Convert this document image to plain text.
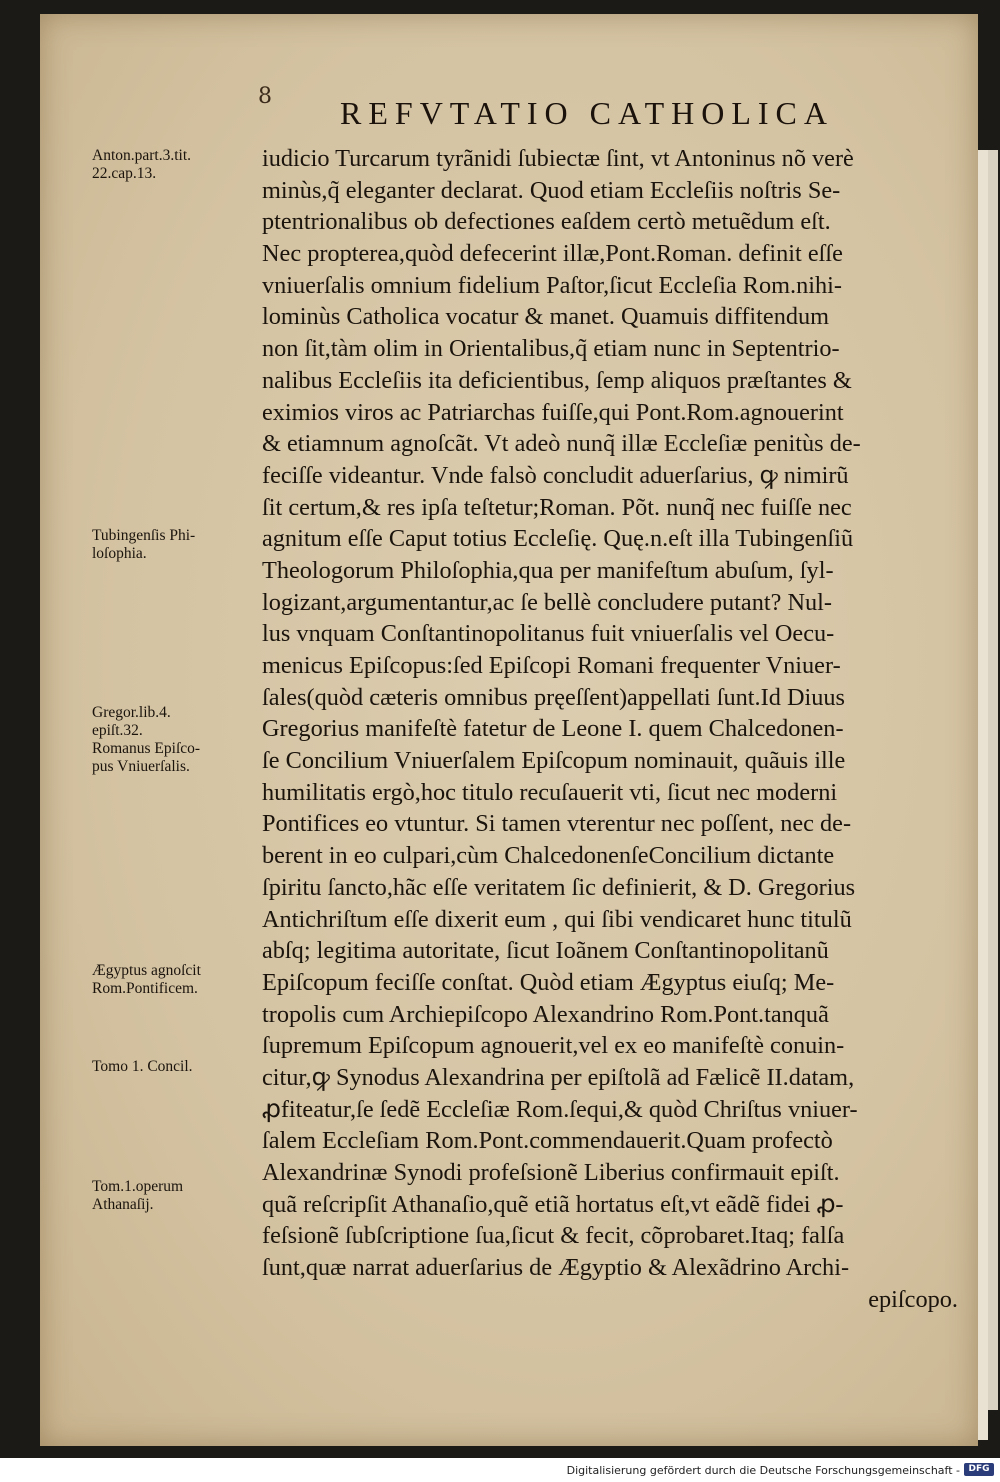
8 REFVTATIO CATHOLICA
iudicio Turcarum tyrãnidi ſubiectæ ſint, vt Antoninus nõ verè
minùs,q̃ eleganter declarat. Quod etiam Eccleſiis noſtris Se-
ptentrionalibus ob defectiones eaſdem certò metuẽdum eſt.
Nec propterea,quòd defecerint illæ,Pont.Roman. definit eſſe
vniuerſalis omnium fidelium Paſtor,ſicut Eccleſia Rom.nihi-
lominùs Catholica vocatur & manet. Quamuis diffitendum
non ſit,tàm olim in Orientalibus,q̃ etiam nunc in Septentrio-
nalibus Eccleſiis ita deficientibus, ſemp aliquos præſtantes &
eximios viros ac Patriarchas fuiſſe,qui Pont.Rom.agnouerint
& etiamnum agnoſcãt. Vt adeò nunq̃ illæ Eccleſiæ penitùs de-
feciſſe videantur. Vnde falsò concludit aduerſarius, ꝙ nimirũ
ſit certum,& res ipſa teſtetur;Roman. Põt. nunq̃ nec fuiſſe nec
agnitum eſſe Caput totius Eccleſię. Quę.n.eſt illa Tubingenſiũ
Theologorum Philoſophia,qua per manifeſtum abuſum, ſyl-
logizant,argumentantur,ac ſe bellè concludere putant? Nul-
lus vnquam Conſtantinopolitanus fuit vniuerſalis vel Oecu-
menicus Epiſcopus:ſed Epiſcopi Romani frequenter Vniuer-
ſales(quòd cæteris omnibus pręeſſent)appellati ſunt.Id Diuus
Gregorius manifeſtè fatetur de Leone I. quem Chalcedonen-
ſe Concilium Vniuerſalem Epiſcopum nominauit, quãuis ille
humilitatis ergò,hoc titulo recuſauerit vti, ſicut nec moderni
Pontifices eo vtuntur. Si tamen vterentur nec poſſent, nec de-
berent in eo culpari,cùm ChalcedonenſeConcilium dictante
ſpiritu ſancto,hãc eſſe veritatem ſic definierit, & D. Gregorius
Antichriſtum eſſe dixerit eum , qui ſibi vendicaret hunc titulũ
abſq; legitima autoritate, ſicut Ioãnem Conſtantinopolitanũ
Epiſcopum feciſſe conſtat. Quòd etiam Ægyptus eiuſq; Me-
tropolis cum Archiepiſcopo Alexandrino Rom.Pont.tanquã
ſupremum Epiſcopum agnouerit,vel ex eo manifeſtè conuin-
citur,ꝙ Synodus Alexandrina per epiſtolã ad Fælicẽ II.datam,
ꝓfiteatur,ſe ſedẽ Eccleſiæ Rom.ſequi,& quòd Chriſtus vniuer-
ſalem Eccleſiam Rom.Pont.commendauerit.Quam profectò
Alexandrinæ Synodi profeſsionẽ Liberius confirmauit epiſt.
quã reſcripſit Athanaſio,quẽ etiã hortatus eſt,vt eãdẽ fidei ꝓ-
feſsionẽ ſubſcriptione ſua,ſicut & fecit, cõprobaret.Itaq; falſa
ſunt,quæ narrat aduerſarius de Ægyptio & Alexãdrino Archi-
epiſcopo.
Anton.part.3.tit.
22.cap.13.
Tubingenſis Phi-
loſophia.
Gregor.lib.4.
epiſt.32.
Romanus Epiſco-
pus Vniuerſalis.
Ægyptus agnoſcit
Rom.Pontificem.
Tomo 1. Concil.
Tom.1.operum
Athanaſij.
Digitalisierung gefördert durch die Deutsche Forschungsgemeinschaft - DFG
